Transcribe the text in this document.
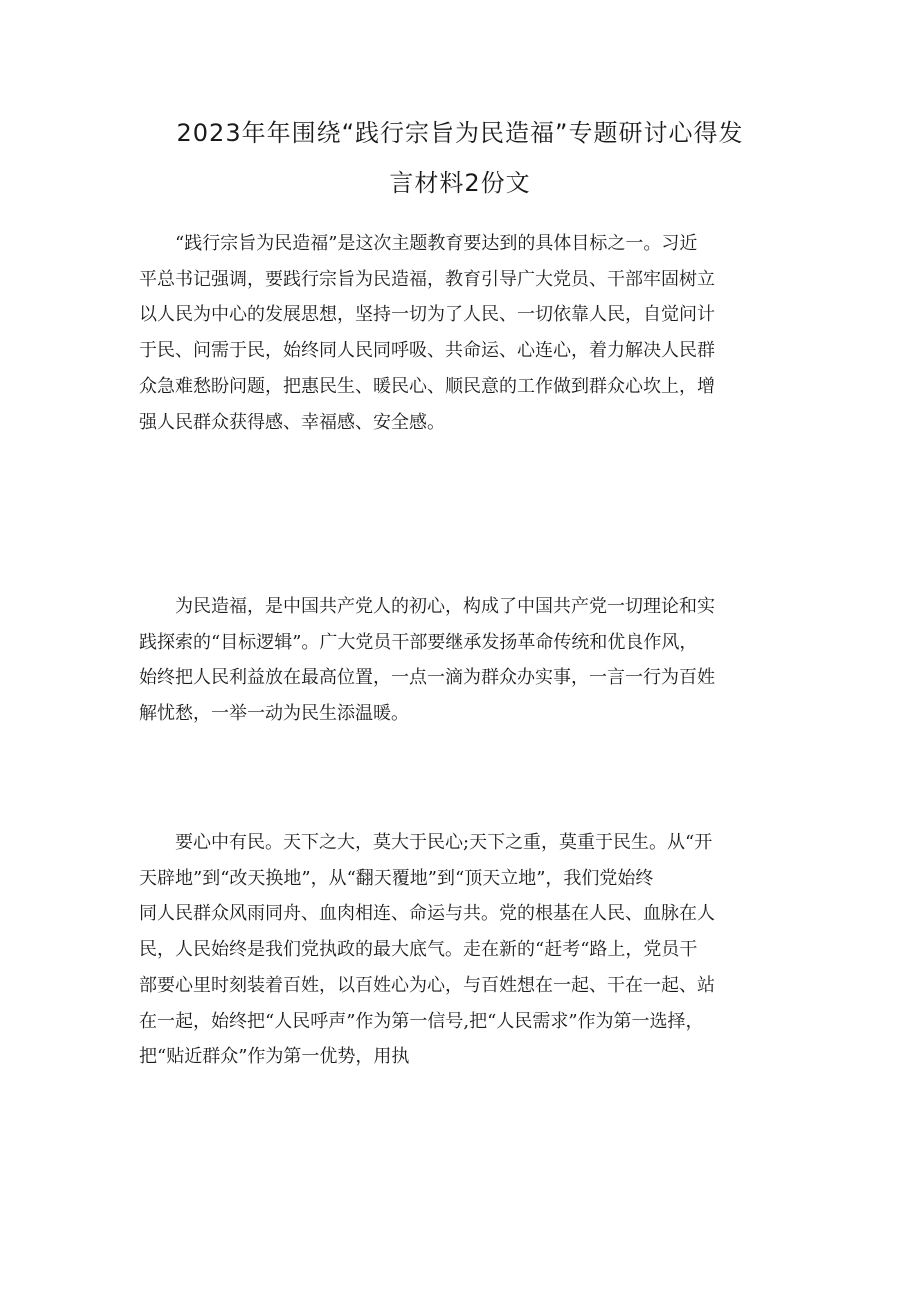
2023年年围绕“践行宗旨为民造福”专题研讨心得发
言材料2份文

“践行宗旨为民造福”是这次主题教育要达到的具体目标之一。习近
平总书记强调，要践行宗旨为民造福，教育引导广大党员、干部牢固树立
以人民为中心的发展思想，坚持一切为了人民、一切依靠人民，自觉问计
于民、问需于民，始终同人民同呼吸、共命运、心连心，着力解决人民群
众急难愁盼问题，把惠民生、暖民心、顺民意的工作做到群众心坎上，增
强人民群众获得感、幸福感、安全感。

为民造福，是中国共产党人的初心，构成了中国共产党一切理论和实
践探索的“目标逻辑”。广大党员干部要继承发扬革命传统和优良作风，
始终把人民利益放在最高位置，一点一滴为群众办实事，一言一行为百姓
解忧愁，一举一动为民生添温暖。

要心中有民。天下之大，莫大于民心;天下之重，莫重于民生。从“开
天辟地”到“改天换地”，从“翻天覆地”到“顶天立地”，我们党始终
同人民群众风雨同舟、血肉相连、命运与共。党的根基在人民、血脉在人
民，人民始终是我们党执政的最大底气。走在新的“赶考“路上，党员干
部要心里时刻装着百姓，以百姓心为心，与百姓想在一起、干在一起、站
在一起，始终把“人民呼声”作为第一信号,把“人民需求”作为第一选择，
把“贴近群众”作为第一优势，用执
